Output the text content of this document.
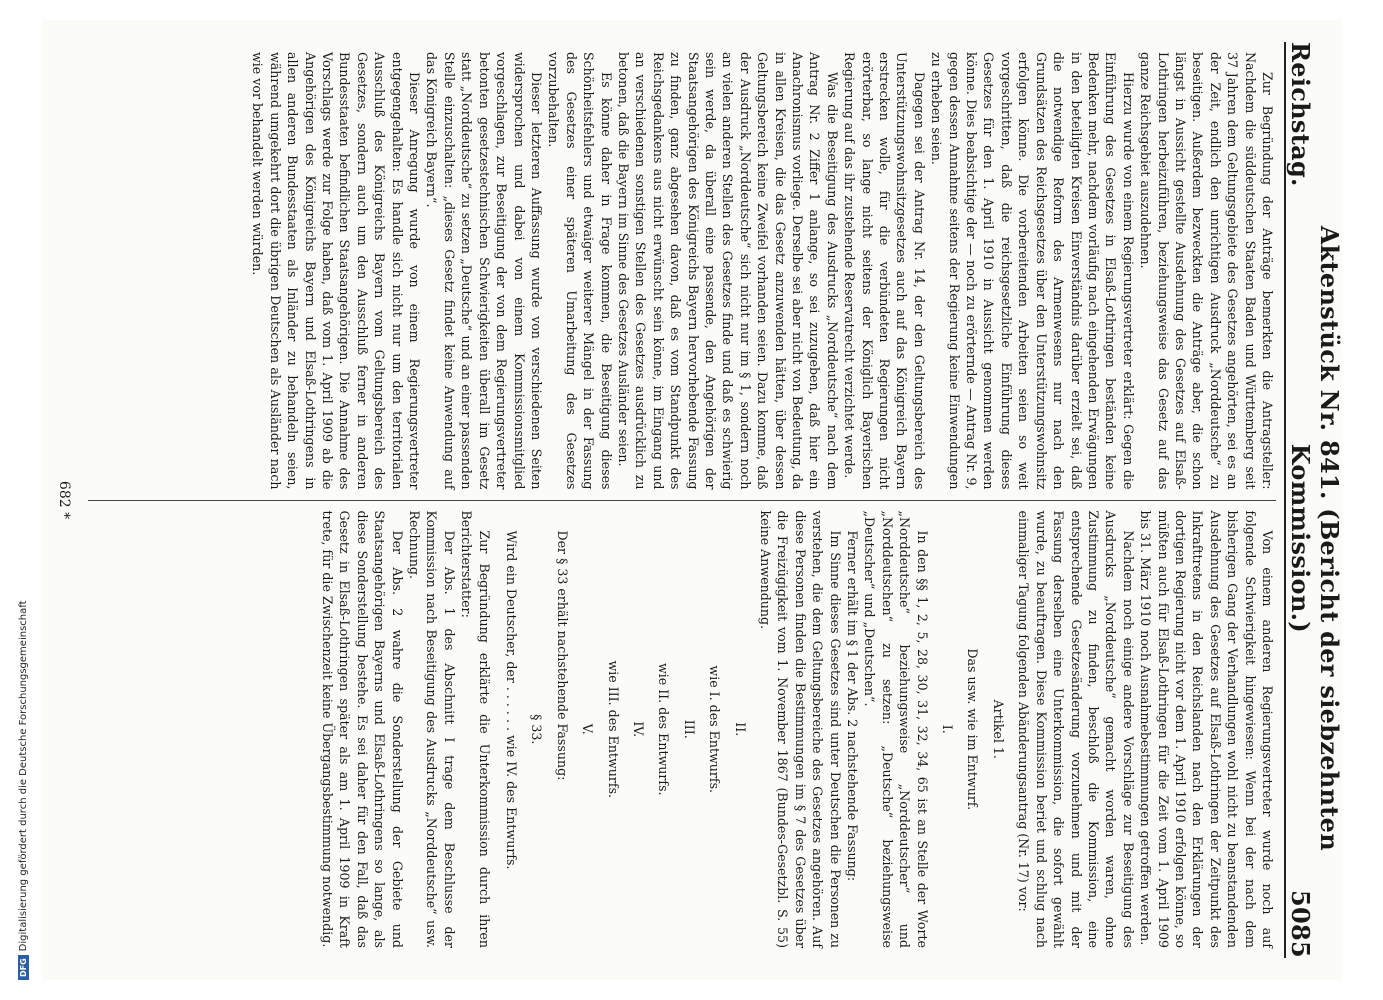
DFGDigitalisierung gefördert durch die Deutsche Forschungsgemeinschaft
Reichstag.
Aktenstück Nr. 841. (Bericht der siebzehnten Kommission.)
5085

Zur Begründung der Anträge bemerkten die Antragsteller: Nachdem die süddeutschen Staaten Baden und Württemberg seit 37 Jahren dem Geltungsgebiete des Gesetzes angehörten, sei es an der Zeit, endlich den unrichtigen Ausdruck „Norddeutsche“ zu beseitigen. Außerdem bezweckten die Anträge aber, die schon längst in Aussicht gestellte Ausdehnung des Gesetzes auf Elsaß-Lothringen herbeizuführen, beziehungsweise das Gesetz auf das ganze Reichsgebiet auszudehnen.

Hierzu wurde von einem Regierungsvertreter erklärt: Gegen die Einführung des Gesetzes in Elsaß-Lothringen beständen keine Bedenken mehr, nachdem vorläufig nach eingehenden Erwägungen in den beteiligten Kreisen Einverständnis darüber erzielt sei, daß die notwendige Reform des Armenwesens nur nach den Grundsätzen des Reichsgesetzes über den Unterstützungswohnsitz erfolgen könne. Die vorbereitenden Arbeiten seien so weit vorgeschritten, daß die reichsgesetzliche Einführung dieses Gesetzes für den 1. April 1910 in Aussicht genommen werden könne. Dies beabsichtige der — noch zu erörternde — Antrag Nr. 9, gegen dessen Annahme seitens der Regierung keine Einwendungen zu erheben seien.

Dagegen sei der Antrag Nr. 14, der den Geltungsbereich des Unterstützungswohnsitzgesetzes auch auf das Königreich Bayern erstrecken wolle, für die verbündeten Regierungen nicht erörterbar, so lange nicht seitens der Königlich Bayerischen Regierung auf das ihr zustehende Reservatrecht verzichtet werde.

Was die Beseitigung des Ausdrucks „Norddeutsche“ nach dem Antrag Nr. 2 Ziffer 1 anlange, so sei zuzugeben, daß hier ein Anachronismus vorliege. Derselbe sei aber nicht von Bedeutung, da in allen Kreisen, die das Gesetz anzuwenden hätten, über dessen Geltungsbereich keine Zweifel vorhanden seien. Dazu komme, daß der Ausdruck „Norddeutsche“ sich nicht nur im § 1, sondern noch an vielen anderen Stellen des Gesetzes finde und daß es schwierig sein werde, da überall eine passende, den Angehörigen der Staatsangehörigen des Königreichs Bayern hervorhebende Fassung zu finden, ganz abgesehen davon, daß es vom Standpunkt des Reichsgedankens aus nicht erwünscht sein könne, im Eingang und an verschiedenen sonstigen Stellen des Gesetzes ausdrücklich zu betonen, daß die Bayern im Sinne des Gesetzes Ausländer seien.

Es könne daher in Frage kommen, die Beseitigung dieses Schönheitsfehlers und etwaiger weiterer Mängel in der Fassung des Gesetzes einer späteren Umarbeitung des Gesetzes vorzubehalten.

Dieser letzteren Auffassung wurde von verschiedenen Seiten widersprochen und dabei von einem Kommissionsmitglied vorgeschlagen, zur Beseitigung der von dem Regierungsvertreter betonten gesetzestechnischen Schwierigkeiten überall im Gesetz statt „Norddeutsche“ zu setzen „Deutsche“ und an einer passenden Stelle einzuschalten: „dieses Gesetz findet keine Anwendung auf das Königreich Bayern“.

Dieser Anregung wurde von einem Regierungsvertreter entgegengehalten: Es handle sich nicht nur um den territorialen Ausschluß des Königreichs Bayern vom Geltungsbereich des Gesetzes, sondern auch um den Ausschluß ferner in anderen Bundesstaaten befindlichen Staatsangehörigen. Die Annahme des Vorschlags werde zur Folge haben, daß vom 1. April 1909 ab die Angehörigen des Königreichs Bayern und Elsaß-Lothringens in allen anderen Bundesstaaten als Inländer zu behandeln seien, während umgekehrt dort die übrigen Deutschen als Ausländer nach wie vor behandelt werden würden.

Von einem anderen Regierungsvertreter wurde noch auf folgende Schwierigkeit hingewiesen: Wenn bei der nach dem bisherigen Gang der Verhandlungen wohl nicht zu beanstandenden Ausdehnung des Gesetzes auf Elsaß-Lothringen der Zeitpunkt des Inkrafttretens in den Reichslanden nach den Erklärungen der dortigen Regierung nicht vor dem 1. April 1910 erfolgen könne, so müßten auch für Elsaß-Lothringen für die Zeit vom 1. April 1909 bis 31. März 1910 noch Ausnahmebestimmungen getroffen werden.

Nachdem noch einige andere Vorschläge zur Beseitigung des Ausdrucks „Norddeutsche“ gemacht worden waren, ohne Zustimmung zu finden, beschloß die Kommission, eine entsprechende Gesetzesänderung vorzunehmen und mit der Fassung derselben eine Unterkommission, die sofort gewählt wurde, zu beauftragen. Diese Kommission beriet und schlug nach einmaliger Tagung folgenden Abänderungsantrag (Nr. 17) vor:

Artikel 1.

Das usw. wie im Entwurf.

I.

In den §§ 1, 2, 5, 28, 30, 31, 32, 34, 65 ist an Stelle der Worte „Norddeutsche“ beziehungsweise „Norddeutscher“ und „Norddeutschen“ zu setzen: „Deutsche“ beziehungsweise „Deutscher“ und „Deutschen“.

Ferner erhält im § 1 der Abs. 2 nachstehende Fassung:

Im Sinne dieses Gesetzes sind unter Deutschen die Personen zu verstehen, die dem Geltungsbereiche des Gesetzes angehören. Auf diese Personen finden die Bestimmungen im § 7 des Gesetzes über die Freizügigkeit vom 1. November 1867 (Bundes-Gesetzbl. S. 55) keine Anwendung.

II.

wie I. des Entwurfs.

III.

wie II. des Entwurfs.

IV.

wie III. des Entwurfs.

V.

Der § 33 erhält nachstehende Fassung:

§ 33.

Wird ein Deutscher, der . . . . . . wie IV. des Entwurfs.

Zur Begründung erklärte die Unterkommission durch ihren Berichterstatter:

Der Abs. 1 des Abschnitt I trage dem Beschlusse der Kommission nach Beseitigung des Ausdrucks „Norddeutsche“ usw. Rechnung.

Der Abs. 2 wahre die Sonderstellung der Gebiete und Staatsangehörigen Bayerns und Elsaß-Lothringens so lange, als diese Sonderstellung bestehe. Es sei daher für den Fall, daß das Gesetz in Elsaß-Lothringen später als am 1. April 1909 in Kraft trete, für die Zwischenzeit keine Übergangsbestimmung notwendig.

682 *
